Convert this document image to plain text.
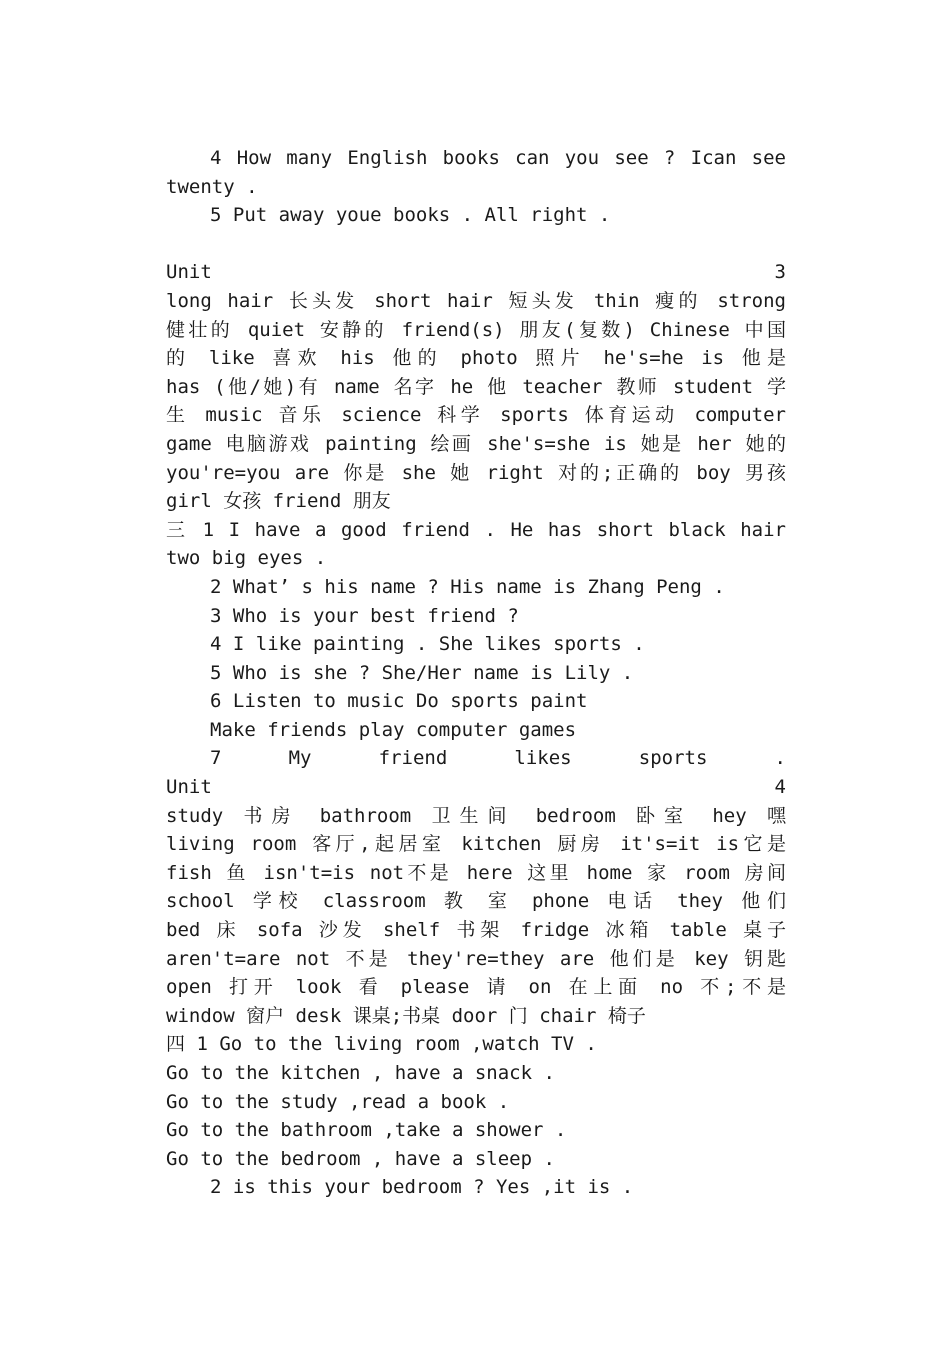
4 How many English books can you see ? Ican see
twenty .
5 Put away youe books . All right .
Unit 3
long hair 长头发 short hair 短头发 thin 瘦的 strong
健壮的 quiet 安静的 friend(s) 朋友(复数) Chinese 中国
的 like 喜欢 his 他的 photo 照片 he's=he is 他是
has (他/她)有 name 名字 he 他 teacher 教师 student 学
生 music 音乐 science 科学 sports 体育运动 computer
game 电脑游戏 painting 绘画 she's=she is 她是 her 她的
you're=you are 你是 she 她 right 对的;正确的 boy 男孩
girl 女孩 friend 朋友
三 1 I have a good friend . He has short black hair
two big eyes .
2 What’ s his name ? His name is Zhang Peng .
3 Who is your best friend ?
4 I like painting . She likes sports .
5 Who is she ? She/Her name is Lily .
6 Listen to music Do sports paint
Make friends play computer games
7 My friend likes sports .
Unit 4
study 书房 bathroom 卫生间 bedroom 卧室 hey 嘿
living room 客厅,起居室 kitchen 厨房 it's=it is它是
fish 鱼 isn't=is not不是 here 这里 home 家 room 房间
school 学校 classroom 教 室 phone 电话 they 他们
bed 床 sofa 沙发 shelf 书架 fridge 冰箱 table 桌子
aren't=are not 不是 they're=they are 他们是 key 钥匙
open 打开 look 看 please 请 on 在上面 no 不;不是
window 窗户 desk 课桌;书桌 door 门 chair 椅子
四 1 Go to the living room ,watch TV .
Go to the kitchen , have a snack .
Go to the study ,read a book .
Go to the bathroom ,take a shower .
Go to the bedroom , have a sleep .
2 is this your bedroom ? Yes ,it is .
